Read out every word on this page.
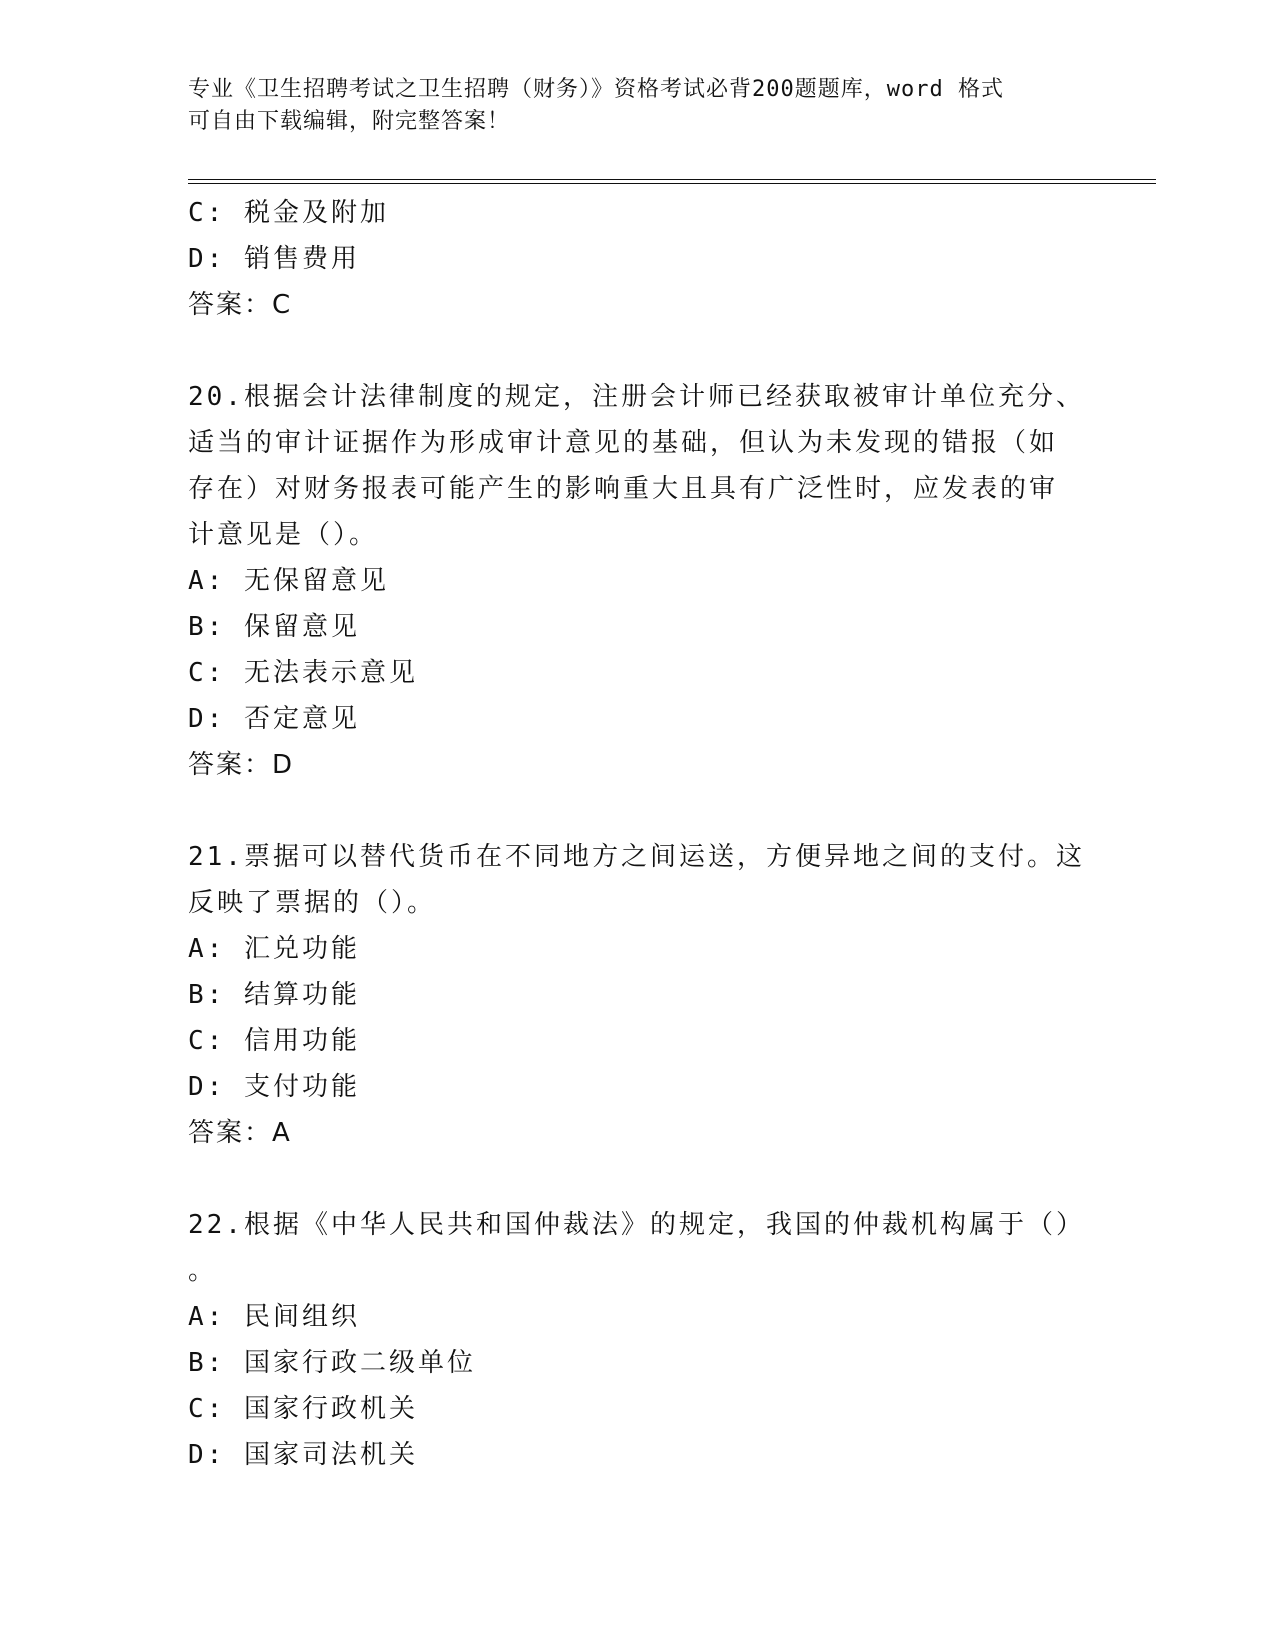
专业《卫生招聘考试之卫生招聘（财务）》资格考试必背200题题库，word 格式
可自由下载编辑，附完整答案！
C: 税金及附加
D: 销售费用
答案：C
20.根据会计法律制度的规定，注册会计师已经获取被审计单位充分、
适当的审计证据作为形成审计意见的基础，但认为未发现的错报（如
存在）对财务报表可能产生的影响重大且具有广泛性时，应发表的审
计意见是（）。
A: 无保留意见
B: 保留意见
C: 无法表示意见
D: 否定意见
答案：D
21.票据可以替代货币在不同地方之间运送，方便异地之间的支付。这
反映了票据的（）。
A: 汇兑功能
B: 结算功能
C: 信用功能
D: 支付功能
答案：A
22.根据《中华人民共和国仲裁法》的规定，我国的仲裁机构属于（）
。
A: 民间组织
B: 国家行政二级单位
C: 国家行政机关
D: 国家司法机关
